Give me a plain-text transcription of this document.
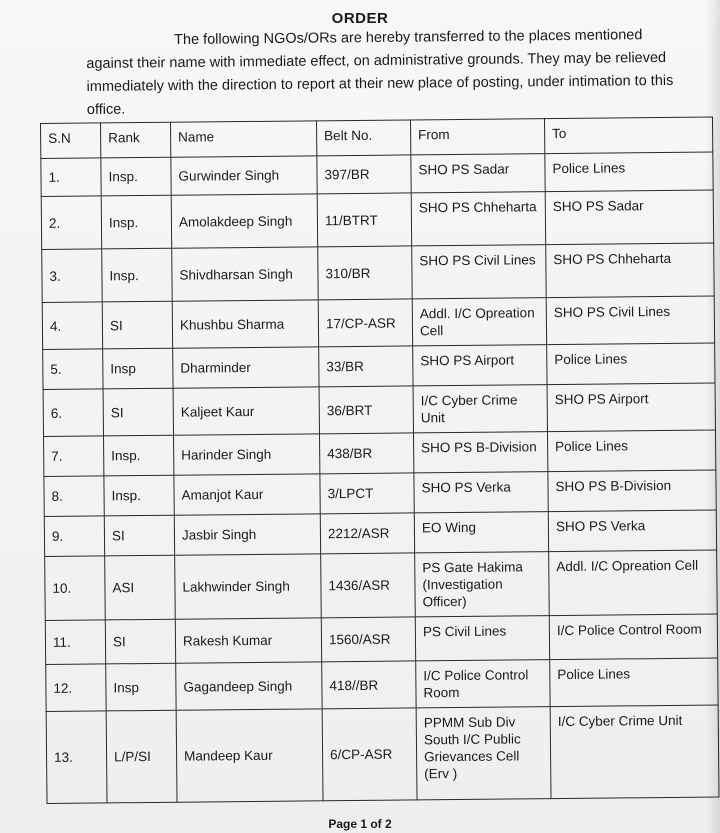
ORDER
The following NGOs/ORs are hereby transferred to the places mentioned against their name with immediate effect, on administrative grounds. They may be relieved immediately with the direction to report at their new place of posting, under intimation to this office.
S.N	Rank	Name	Belt No.	From	To
1.	Insp.	Gurwinder Singh	397/BR	SHO PS Sadar	Police Lines
2.	Insp.	Amolakdeep Singh	11/BTRT	SHO PS Chheharta	SHO PS Sadar
3.	Insp.	Shivdharsan Singh	310/BR	SHO PS Civil Lines	SHO PS Chheharta
4.	SI	Khushbu Sharma	17/CP-ASR	Addl. I/C Opreation Cell	SHO PS Civil Lines
5.	Insp	Dharminder	33/BR	SHO PS Airport	Police Lines
6.	SI	Kaljeet Kaur	36/BRT	I/C Cyber Crime Unit	SHO PS Airport
7.	Insp.	Harinder Singh	438/BR	SHO PS B-Division	Police Lines
8.	Insp.	Amanjot Kaur	3/LPCT	SHO PS Verka	SHO PS B-Division
9.	SI	Jasbir Singh	2212/ASR	EO Wing	SHO PS Verka
10.	ASI	Lakhwinder Singh	1436/ASR	PS Gate Hakima (Investigation Officer)	Addl. I/C Opreation Cell
11.	SI	Rakesh Kumar	1560/ASR	PS Civil Lines	I/C Police Control Room
12.	Insp	Gagandeep Singh	418//BR	I/C Police Control Room	Police Lines
13.	L/P/SI	Mandeep Kaur	6/CP-ASR	PPMM Sub Div South I/C Public Grievances Cell (Erv )	I/C Cyber Crime Unit
Page 1 of 2
